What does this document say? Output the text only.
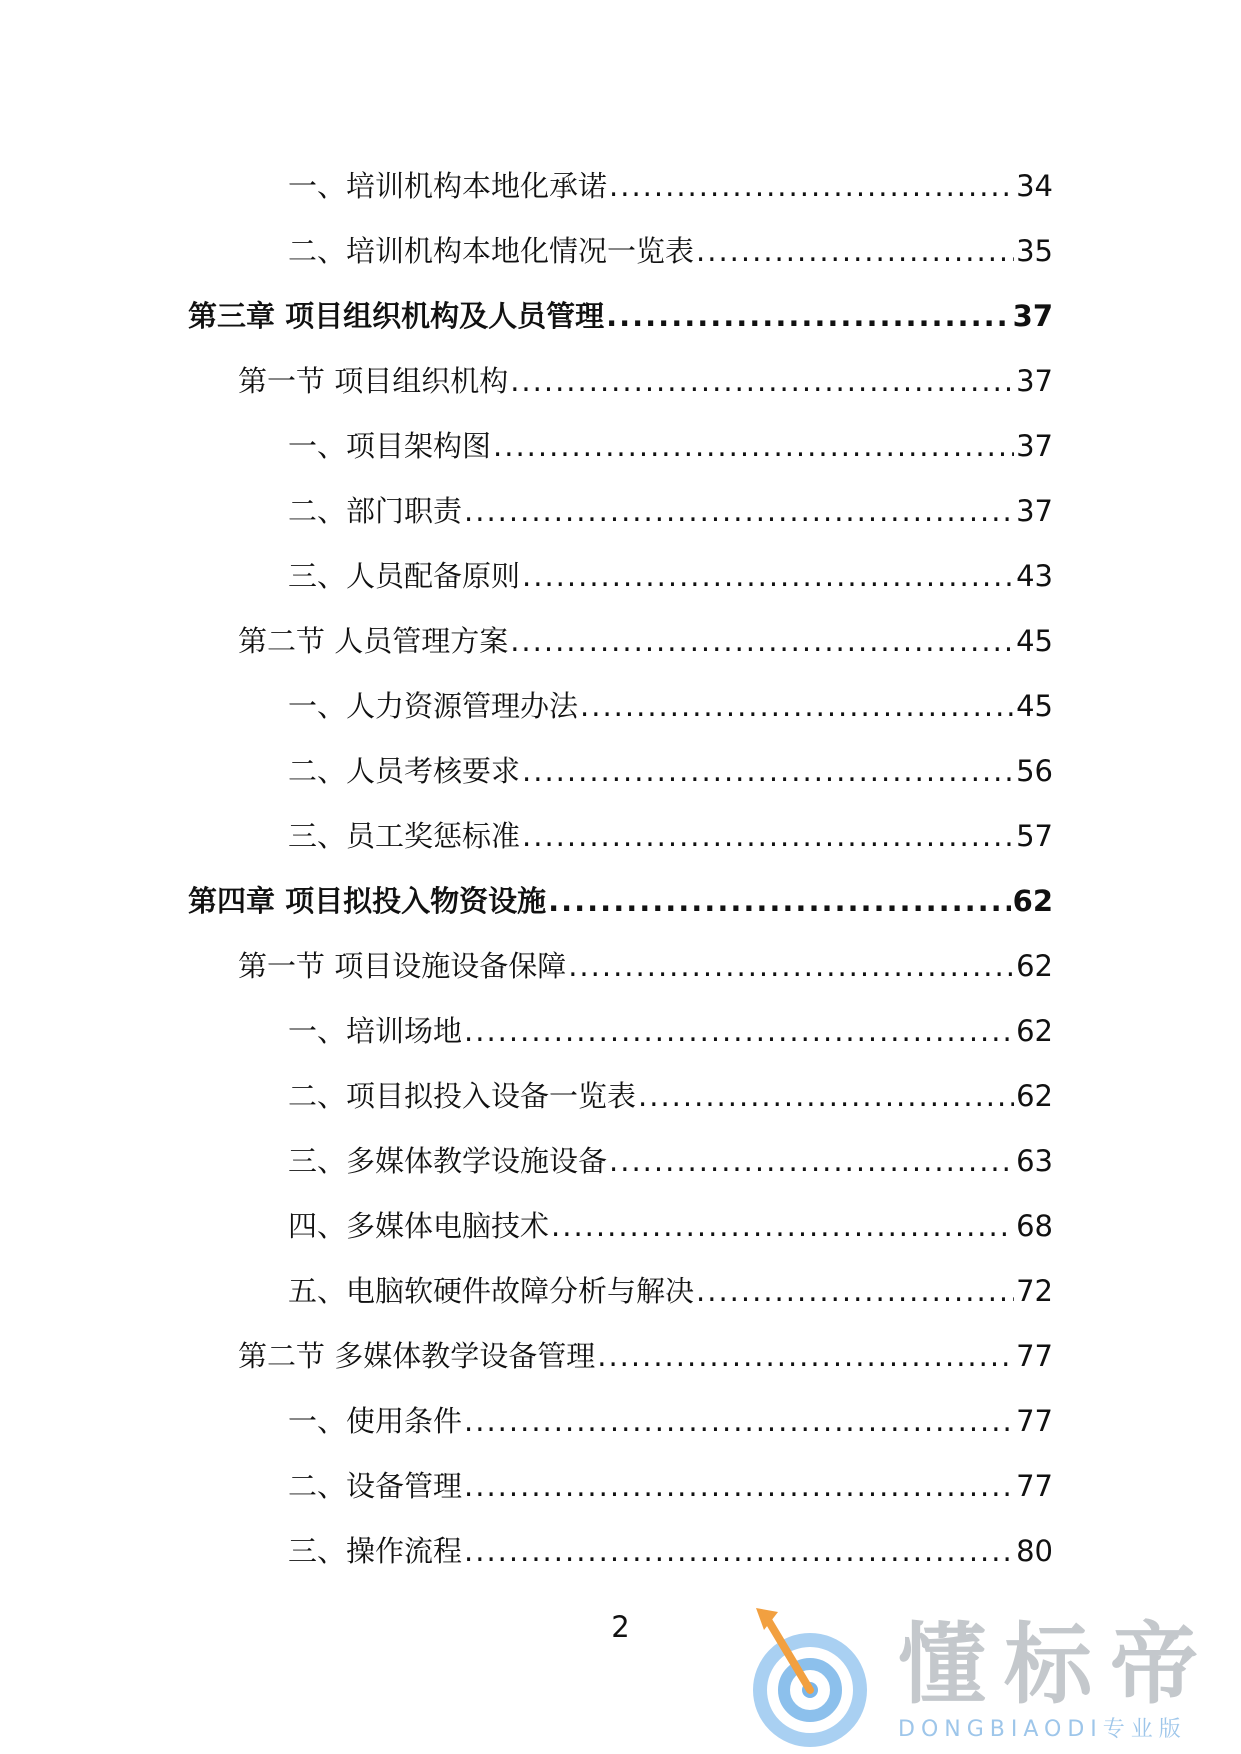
一、培训机构本地化承诺 .....	34
二、培训机构本地化情况一览表 .....	35
第三章 项目组织机构及人员管理 .....	37
第一节 项目组织机构 .....	37
一、项目架构图 .....	37
二、部门职责 .....	37
三、人员配备原则 .....	43
第二节 人员管理方案 .....	45
一、人力资源管理办法 .....	45
二、人员考核要求 .....	56
三、员工奖惩标准 .....	57
第四章 项目拟投入物资设施 .....	62
第一节 项目设施设备保障 .....	62
一、培训场地 .....	62
二、项目拟投入设备一览表 .....	62
三、多媒体教学设施设备 .....	63
四、多媒体电脑技术 .....	68
五、电脑软硬件故障分析与解决 .....	72
第二节 多媒体教学设备管理 .....	77
一、使用条件 .....	77
二、设备管理 .....	77
三、操作流程 .....	80
2	懂标帝
DONGBIAODI专业版
